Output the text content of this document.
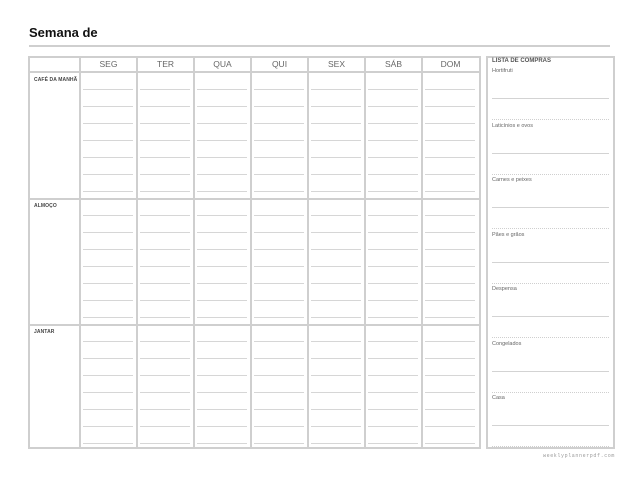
Semana de
SEG	TER	QUA	QUI	SEX	SÁB	DOM
CAFÉ DA MANHÃ
ALMOÇO
JANTAR
LISTA DE COMPRAS
Hortifruti
Laticínios e ovos
Carnes e peixes
Pães e grãos
Despensa
Congelados
Casa
weeklyplannerpdf.com
